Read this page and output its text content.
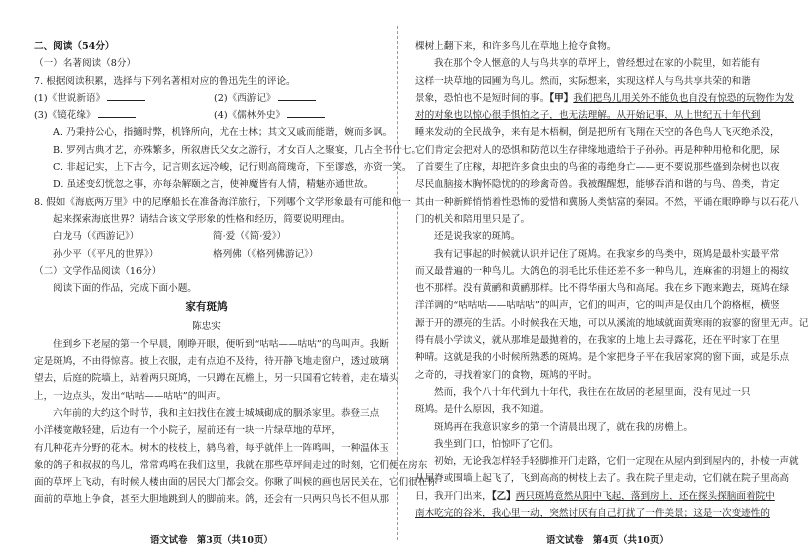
二、阅读（54分）
（一）名著阅读（8分）
7. 根据阅读积累，选择与下列名著相对应的鲁迅先生的评论。
(1)《世说新语》	(2)《西游记》
(3)《镜花缘》	(4)《儒林外史》
A. 乃秉持公心，指擿时弊，机锋所向，尤在士林；其文又戚而能谐，婉而多讽。
B. 罗列古典才艺，亦殊繁多，所叙唐氏父女之游行，才女百人之聚宴，几占全书什七。
C. 非起记实，上下古今，记言则玄远冷峻，记行则高简瑰奇，下至谬惑，亦资一笑。
D. 虽述变幻恍忽之事，亦每杂解颐之言，使神魔皆有人情，精魅亦通世故。
8. 假如《海底两万里》中的尼摩船长在准备海洋旅行，下列哪个文学形象最有可能和他一
起来探索海底世界？请结合该文学形象的性格和经历，简要说明理由。
白龙马（《西游记》）	简·爱（《简·爱》）
孙少平（《平凡的世界》）	格列佛（《格列佛游记》）
（二）文学作品阅读（16分）
阅读下面的作品，完成下面小题。
家有斑鸠
陈忠实
住到乡下老屋的第一个早晨，刚睁开眼，便听到“咕咕——咕咕”的鸟叫声。我断
定是斑鸠，不由得惊喜。披上衣服，走有点迫不及待，待开静飞地走窗户，透过玻璃
望去，后庭的院墙上，站着两只斑鸠，一只蹲在瓦檐上，另一只国看它转着，走在墙头
上，一边点头，发出“咕咕——咕咕”的叫声。
六年前的大约这个时节，我和主妇找住在渡士城城砌成的胭杀家里。恭登三点
小洋楼宽敞轻建，后边有一个小院子，屋前还有一块一片绿草地的草坪，
有几种花卉分野的花木。树木的枝枝上，鸫鸟着，每乎就伴上一阵鸣叫，一种温体玉
象的鸽子和叔叔的鸟儿，常常鸡鸣在我们这里，我就在那些草坪间走过的时刻，它们便在房东
面的草坪上飞动，有时候人楼由面的居民大门都会交。你瞅了叫候的画也居民关在，它们很在你
面前的草地上争食，甚至大胆地跳到人的脚前来。鸽，还会有一只两只鸟长不但从那
语文试卷　第3页（共10页）
棵树上翻下来，和许多鸟儿在草地上抢夺食物。
我在那个令人惬意的人与鸟共享的草坪上，曾经想过在家的小院里，如若能有
这样一块草地的园圃为鸟儿。然而，实际想来，实现这样人与鸟共享共荣的和谐
景象，恐怕也不是短时间的事。【甲】我们把鸟儿用关外不能负也自没有惊恐的玩物作为发
对的对象也以惊心很手惧怕之子，也无法理解。从开始记事，从上世纪五十年代到
睡来发动的全民战争，来有是木梧桐，倒是把所有飞翔在天空的各色鸟人飞灭绝杀没，
它们肯定会把对人的恐惧和防范以生存律缘地遗给于子孙孙。再是种种用枪和化肥，尿
了首要生了庄稼，却把许多食虫虫的鸟雀的毒绝身亡——更不要说那些盛到杂树也以夜
尽民血脑接木胸怀隐忧的的珍禽奇兽。我被醒醒想，能够吞消和谐的与鸟、兽类，肯定
其由一种新鲜悄悄着性恐怖的爱惜和冀肠人类惦富的秦园。不然，平诵在眼睁睁与以石花八
门的机关和陪用里只是了。
还是说我家的斑鸠。
我有记事起的时候就认识并记住了斑鸠。在我家乡的鸟类中，斑鸠是最朴实最平常
而又最普遍的一种鸟儿。大鸽色的羽毛比乐佳还差不多一种鸟儿，连麻雀的羽翅上的褐纹
也不那样。没有黄鹂和黄鹂那样。比不得华丽大鸟和高尾。我在乡下跑来跑去，斑鸠在绿
洋洋调的“咕咕咕——咕咕咕”的叫声，它们的叫声，它的叫声是仅由几个韵格框，横竖
源于开的漂亮的生活。小时候我在天地，可以从溪流的地域就面黄寒雨的寂寥的窗里无声。记
得有晨小学读义，就从那堆是最抛着的，在我家的上地上去寻露花，还在平时家丁在里
种晴。这就是我的小时候所熟悉的斑鸠。是个家把身子平在我居家窝的窗下面，或是乐点
之奇的，寻找着家门的食物，斑鸠的平时。
然而，我个八十年代到九十年代，我往在在故居的老屋里面，没有见过一只
斑鸠。是什么原因，我不知道。
斑鸠再在我意识家乡的第一个清晨出现了，就在我的房檐上。
我坐到门口，怕惊吓了它们。
初始，无论我怎样轻手轻脚推开门走路，它们一定现在从屋内到到屋内的，扑棱一声就
从屋脊或围墙上起飞了，飞到高高的树枝上去了。我在院子里走动，它们就在院子里高高
日，我开门出来，【乙】两只斑鸠竟然从阳中飞起，落到房上，还在探头探脑面着院中
南木吃完的谷米，我心里一动，突然讨厌有自己打扰了一件美景；这是一次变迹性的
语文试卷　第4页（共10页）
